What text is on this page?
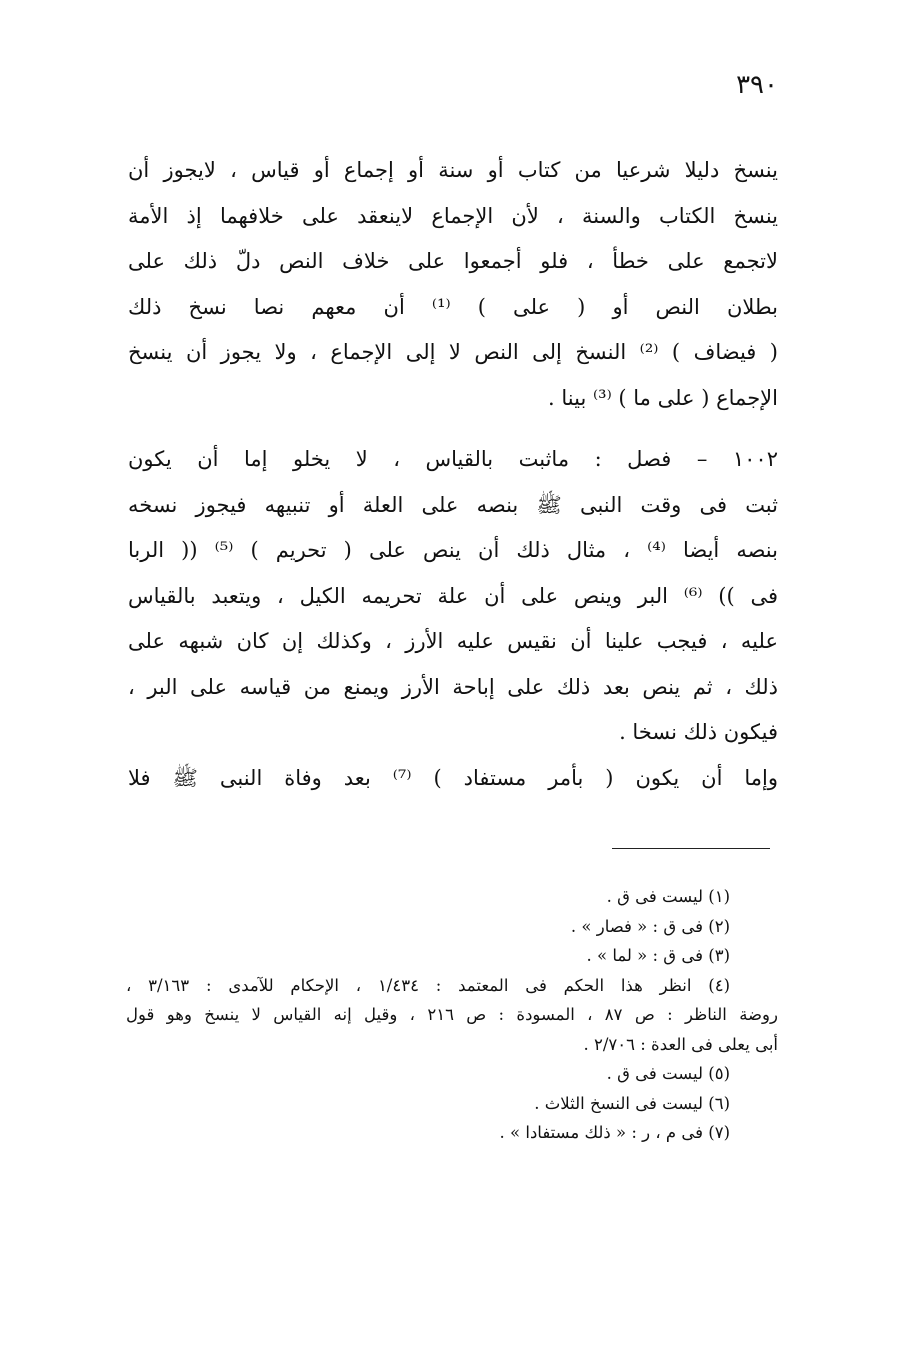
٣٩٠
ينسخ دليلا شرعيا من كتاب أو سنة أو إجماع أو قياس ، لايجوز أن
ينسخ الكتاب والسنة ، لأن الإجماع لاينعقد على خلافهما إذ الأمة
لاتجمع على خطأ ، فلو أجمعوا على خلاف النص دلّ ذلك على
بطلان النص أو ( على ) ⁽¹⁾ أن معهم نصا نسخ ذلك
( فيضاف ) ⁽²⁾ النسخ إلى النص لا إلى الإجماع ، ولا يجوز أن ينسخ
الإجماع ( على ما ) ⁽³⁾ بينا .
١٠٠٢ – فصل : ماثبت بالقياس ، لا يخلو إما أن يكون
ثبت فى وقت النبى ﷺ بنصه على العلة أو تنبيهه فيجوز نسخه
بنصه أيضا ⁽⁴⁾ ، مثال ذلك أن ينص على ( تحريم ) ⁽⁵⁾ (( الربا
فى )) ⁽⁶⁾ البر وينص على أن علة تحريمه الكيل ، ويتعبد بالقياس
عليه ، فيجب علينا أن نقيس عليه الأرز ، وكذلك إن كان شبهه على
ذلك ، ثم ينص بعد ذلك على إباحة الأرز ويمنع من قياسه على البر ،
فيكون ذلك نسخا .
وإما أن يكون ( بأمر مستفاد ) ⁽⁷⁾ بعد وفاة النبى ﷺ فلا
(١) ليست فى ق .
(٢) فى ق : « فصار » .
(٣) فى ق : « لما » .
(٤) انظر هذا الحكم فى المعتمد : ١/٤٣٤ ، الإحكام للآمدى : ٣/١٦٣ ،
روضة الناظر : ص ٨٧ ، المسودة : ص ٢١٦ ، وقيل إنه القياس لا ينسخ وهو قول
أبى يعلى فى العدة : ٢/٧٠٦ .
(٥) ليست فى ق .
(٦) ليست فى النسخ الثلاث .
(٧) فى م ، ر : « ذلك مستفادا » .
